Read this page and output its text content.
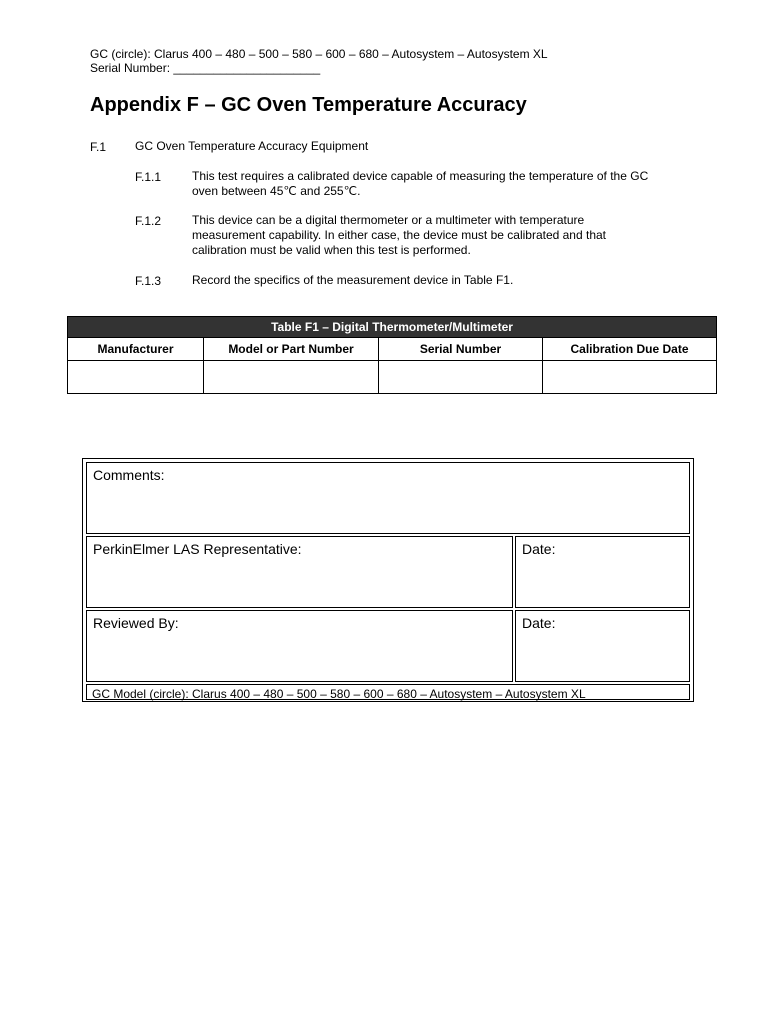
GC (circle): Clarus 400 – 480 – 500 – 580 – 600 – 680 – Autosystem – Autosystem XL
Serial Number: ______________________
Appendix F – GC Oven Temperature Accuracy
F.1 GC Oven Temperature Accuracy Equipment
F.1.1	This test requires a calibrated device capable of measuring the temperature of the GC oven between 45℃ and 255℃.
F.1.2	This device can be a digital thermometer or a multimeter with temperature measurement capability. In either case, the device must be calibrated and that calibration must be valid when this test is performed.
F.1.3	Record the specifics of the measurement device in Table F1.
Table F1 – Digital Thermometer/Multimeter			
Manufacturer	Model or Part Number	Serial Number	Calibration Due Date

Comments:
PerkinElmer LAS Representative:	Date:
Reviewed By:	Date:
GC Model (circle): Clarus 400 – 480 – 500 – 580 – 600 – 680 – Autosystem – Autosystem XL
